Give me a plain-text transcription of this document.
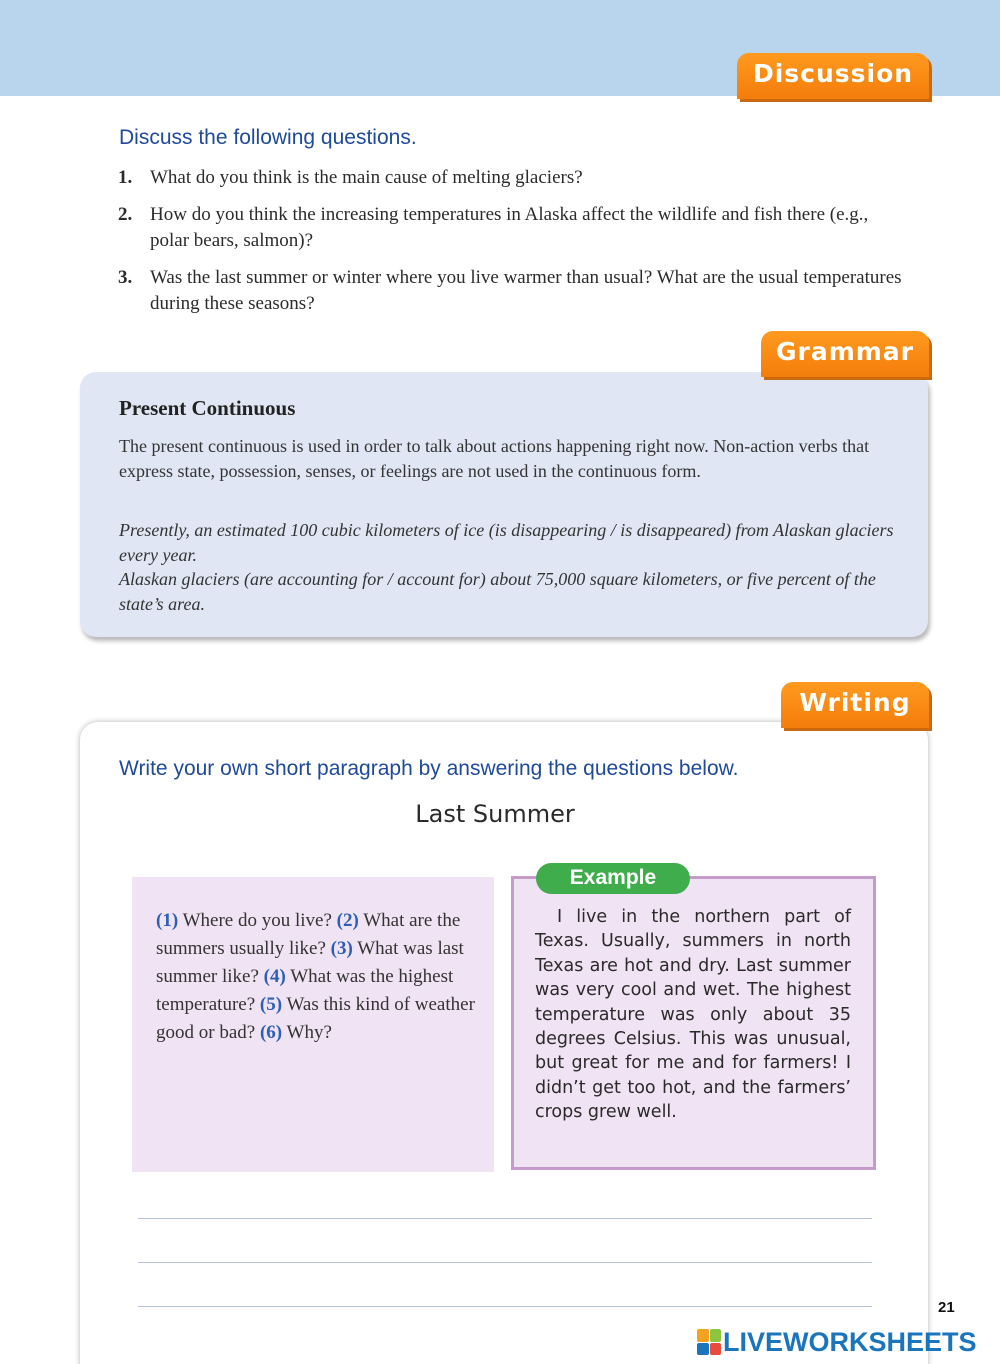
Discussion
Discuss the following questions.
1. What do you think is the main cause of melting glaciers?
2. How do you think the increasing temperatures in Alaska affect the wildlife and fish there (e.g., polar bears, salmon)?
3. Was the last summer or winter where you live warmer than usual? What are the usual temperatures during these seasons?
Grammar
Present Continuous
The present continuous is used in order to talk about actions happening right now. Non-action verbs that express state, possession, senses, or feelings are not used in the continuous form.

Presently, an estimated 100 cubic kilometers of ice (is disappearing / is disappeared) from Alaskan glaciers every year.

Alaskan glaciers (are accounting for / account for) about 75,000 square kilometers, or five percent of the state’s area.

Writing
Write your own short paragraph by answering the questions below.
Last Summer
(1) Where do you live? (2) What are the summers usually like? (3) What was last summer like? (4) What was the highest temperature? (5) Was this kind of weather good or bad? (6) Why?
Example
I live in the northern part of Texas. Usually, summers in north Texas are hot and dry. Last summer was very cool and wet. The highest temperature was only about 35 degrees Celsius. This was unusual, but great for me and for farmers! I didn’t get too hot, and the farmers’ crops grew well.
21
LIVEWORKSHEETS
